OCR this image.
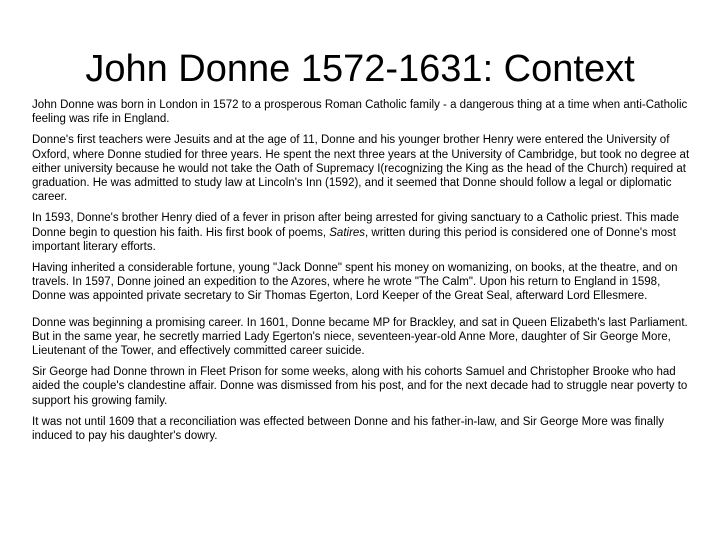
John Donne 1572-1631: Context

John Donne was born in London in 1572 to a prosperous Roman Catholic family - a dangerous thing at a time when anti-Catholic feeling was rife in England.

Donne's first teachers were Jesuits and at the age of 11, Donne and his younger brother Henry were entered the University of Oxford, where Donne studied for three years. He spent the next three years at the University of Cambridge, but took no degree at either university because he would not take the Oath of Supremacy I(recognizing the King as the head of the Church) required at graduation. He was admitted to study law at Lincoln's Inn (1592), and it seemed that Donne should follow a legal or diplomatic career.

In 1593, Donne's brother Henry died of a fever in prison after being arrested for giving sanctuary to a Catholic priest. This made Donne begin to question his faith. His first book of poems, Satires, written during this period is considered one of Donne's most important literary efforts.

Having inherited a considerable fortune, young "Jack Donne" spent his money on womanizing, on books, at the theatre, and on travels. In 1597, Donne joined an expedition to the Azores, where he wrote "The Calm". Upon his return to England in 1598, Donne was appointed private secretary to Sir Thomas Egerton, Lord Keeper of the Great Seal, afterward Lord Ellesmere.

Donne was beginning a promising career. In 1601, Donne became MP for Brackley, and sat in Queen Elizabeth's last Parliament. But in the same year, he secretly married Lady Egerton's niece, seventeen-year-old Anne More, daughter of Sir George More, Lieutenant of the Tower, and effectively committed career suicide.

Sir George had Donne thrown in Fleet Prison for some weeks, along with his cohorts Samuel and Christopher Brooke who had aided the couple's clandestine affair. Donne was dismissed from his post, and for the next decade had to struggle near poverty to support his growing family.

It was not until 1609 that a reconciliation was effected between Donne and his father-in-law, and Sir George More was finally induced to pay his daughter's dowry.
